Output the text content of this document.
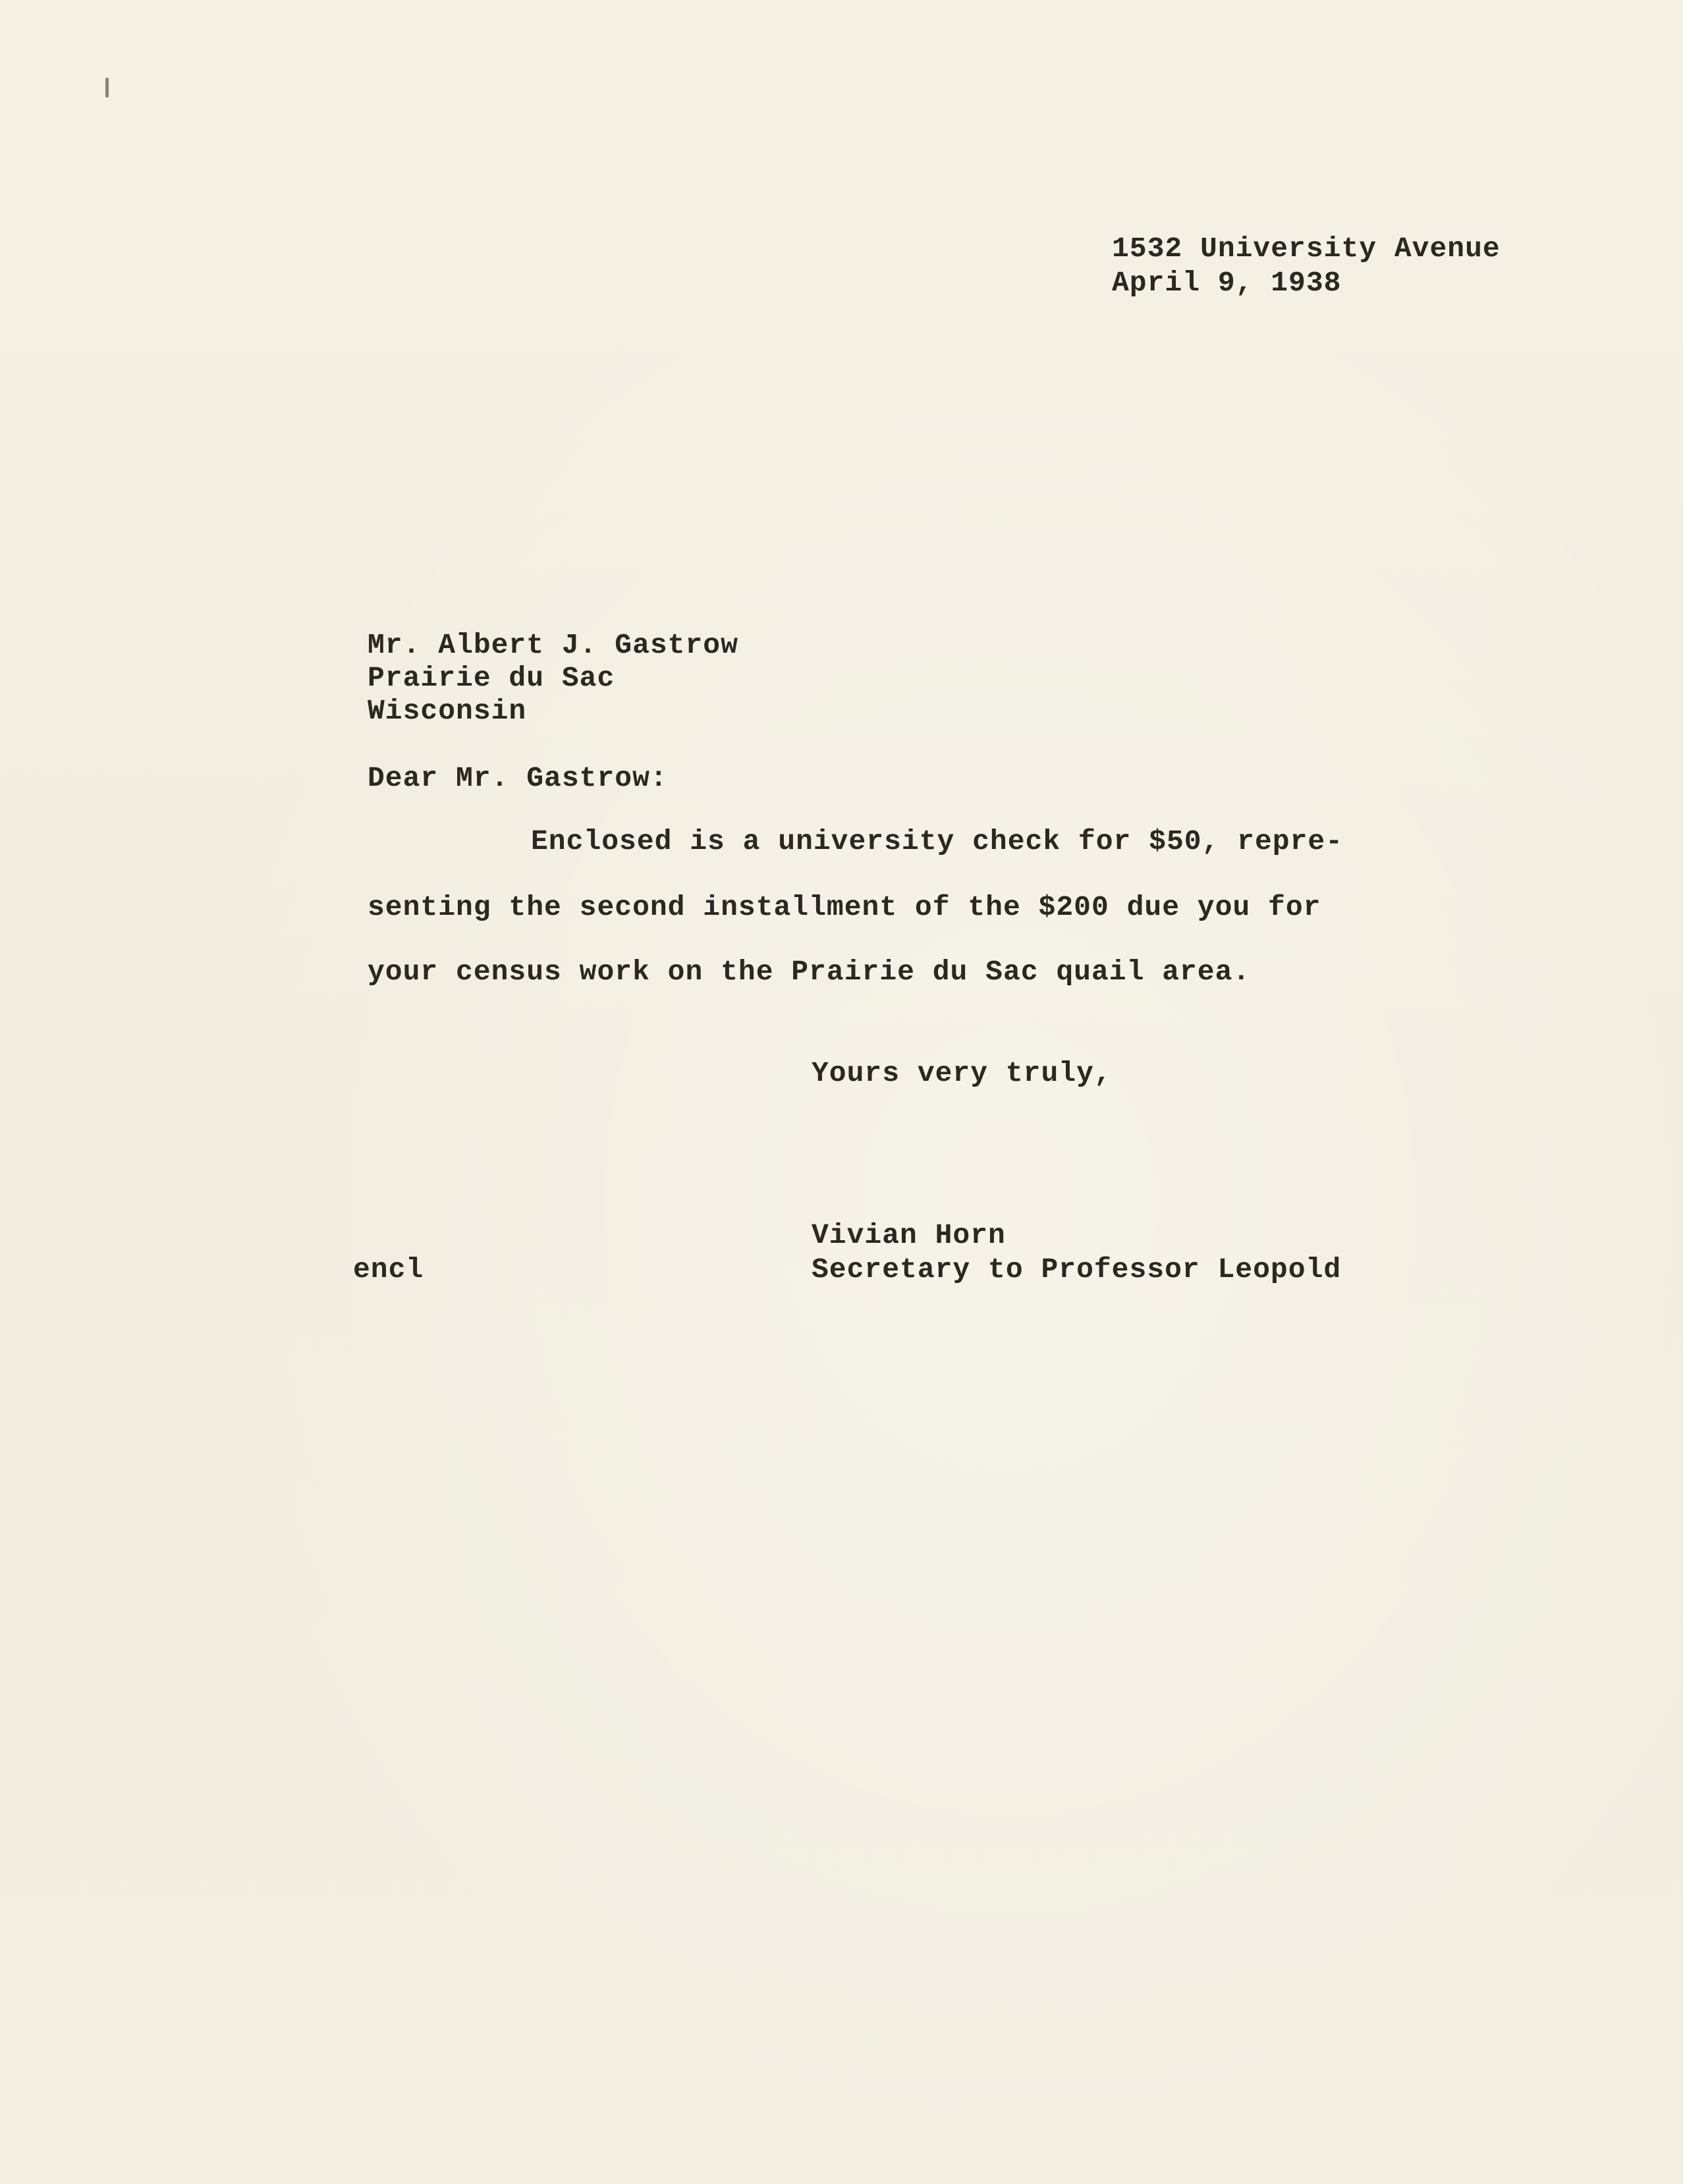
1532 University Avenue
April 9, 1938
Mr. Albert J. Gastrow
Prairie du Sac
Wisconsin
Dear Mr. Gastrow:
Enclosed is a university check for $50, repre-
senting the second installment of the $200 due you for
your census work on the Prairie du Sac quail area.
Yours very truly,
Vivian Horn
Secretary to Professor Leopold
encl
